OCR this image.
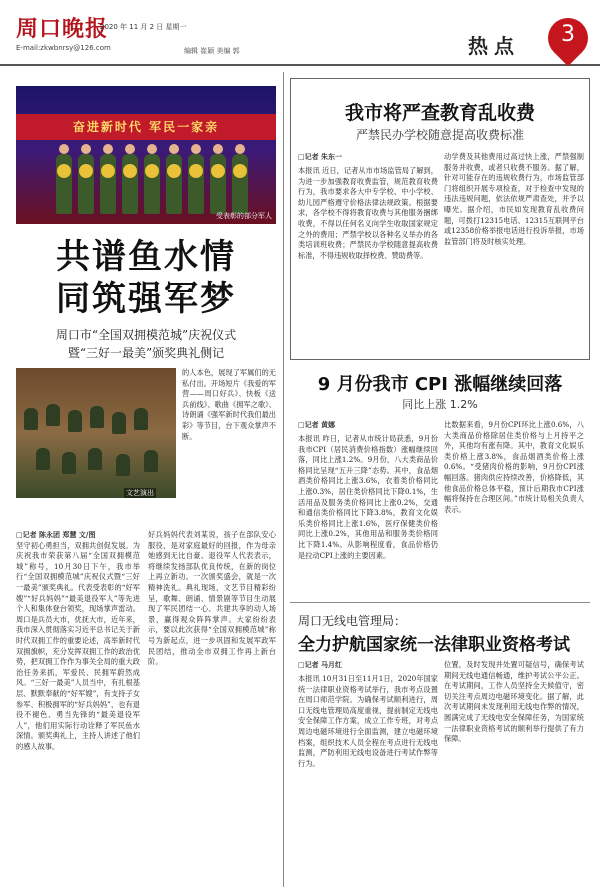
周口晚报
2020 年 11 月 2 日 星期一
E-mail:zkwbnrsy@126.com	编辑 崔颖 美编 郭	热点	3
奋进新时代 军民一家亲
受表彰的部分军人
共谱鱼水情
同筑强军梦
周口市“全国双拥模范城”庆祝仪式
暨“三好一最美”颁奖典礼侧记
文艺演出
的人本色，展现了军属们的无私付出。开场短片《我爱的军营——周口好兵》、快板《送兵前线》、歌曲《拥军之歌》、诗朗诵《强军新时代我们最出彩》等节目，台下观众掌声不断。
□记者 陈永团 郑慧 文/图
坚守初心勇担当，双拥共创促发展。为庆祝我市荣获第八届“全国双拥模范城”称号，10月30日下午，我市举行“全国双拥模范城”庆祝仪式暨“三好一最美”颁奖典礼。代表受表彰的“好军嫂”“好兵妈妈”“最美退役军人”等先进个人和集体登台领奖，现场掌声雷动。周口是兵员大市，优抚大市，近年来，我市深入贯彻落实习近平总书记关于新时代双拥工作的重要论述，高举新时代双拥旗帜，充分发挥双拥工作的政治优势，把双拥工作作为事关全局的重大政治任务来抓，军爱民、民拥军蔚然成风。“三好一最美”人员当中，有扎根基层、默默奉献的“好军嫂”，有支持子女参军、积极拥军的“好兵妈妈”，也有退役不褪色、勇当先锋的“最美退役军人”，他们用实际行动诠释了军民鱼水深情。颁奖典礼上，主持人讲述了他们的感人故事。
好兵妈妈代表刘某说，孩子在部队安心服役，是对家庭最好的回报，作为母亲她感到无比自豪。退役军人代表表示，将继续发扬部队优良传统，在新的岗位上再立新功。一次颁奖盛会，就是一次精神洗礼。典礼现场，文艺节目精彩纷呈，歌舞、朗诵、情景剧等节目生动展现了军民团结一心、共建共享的动人场景，赢得观众阵阵掌声。大家纷纷表示，要以此次获得“全国双拥模范城”称号为新起点，进一步巩固和发展军政军民团结，推动全市双拥工作再上新台阶。
我市将严查教育乱收费
严禁民办学校随意提高收费标准
□记者 朱东一
本报讯 近日，记者从市市场监管局了解到，为进一步加强教育收费监管，规范教育收费行为，我市要求各大中专学校、中小学校、幼儿园严格遵守价格法律法规政策。根据要求，各学校不得将教育收费与其他服务捆绑收费，不得以任何名义向学生收取国家规定之外的费用；严禁学校以各种名义举办的各类培训班收费；严禁民办学校随意提高收费标准，不得违规收取择校费、赞助费等。
动学费及其他费用过高过快上涨，严禁强制服务并收费，或者只收费不服务。据了解，针对可能存在的违规收费行为，市场监管部门将组织开展专项检查，对于检查中发现的违法违规问题，依法依规严肃查处，并予以曝光。据介绍，市民如发现教育乱收费问题，可拨打12315电话、12315互联网平台或12358价格举报电话进行投诉举报，市场监管部门将及时核实处理。
9 月份我市 CPI 涨幅继续回落
同比上涨 1.2%
□记者 黄娜
本报讯 昨日，记者从市统计局获悉，9月份我市CPI（居民消费价格指数）涨幅继续回落，同比上涨1.2%。9月份，八大类商品价格同比呈现“五升三降”态势。其中，食品烟酒类价格同比上涨3.6%，衣着类价格同比上涨0.3%，居住类价格同比下降0.1%，生活用品及服务类价格同比上涨0.2%，交通和通信类价格同比下降3.8%，教育文化娱乐类价格同比上涨1.6%，医疗保健类价格同比上涨0.2%，其他用品和服务类价格同比下降1.4%。从影响程度看，食品价格仍是拉动CPI上涨的主要因素。
比数据来看，9月份CPI环比上涨0.6%，八大类商品价格除居住类价格与上月持平之外，其他均有涨有降。其中，教育文化娱乐类价格上涨3.8%，食品烟酒类价格上涨0.6%。“受猪肉价格的影响，9月份CPI涨幅回落。猪肉供应持续改善，价格降低，其他食品价格总体平稳，预计后期我市CPI涨幅将保持在合理区间。”市统计局相关负责人表示。
周口无线电管理局：
全力护航国家统一法律职业资格考试
□记者 马月红
本报讯 10月31日至11月1日，2020年国家统一法律职业资格考试举行，我市考点设置在周口师范学院。为确保考试顺利进行，周口无线电管理局高度重视，提前制定无线电安全保障工作方案，成立工作专班，对考点周边电磁环境进行全面监测，建立电磁环境档案，组织技术人员全程在考点进行无线电监测，严防利用无线电设备进行考试作弊等行为。
位置，及时发现并处置可疑信号，确保考试期间无线电通信畅通，维护考试公平公正。在考试期间，工作人员坚持全天候值守，密切关注考点周边电磁环境变化。据了解，此次考试期间未发现利用无线电作弊的情况，圆满完成了无线电安全保障任务，为国家统一法律职业资格考试的顺利举行提供了有力保障。
